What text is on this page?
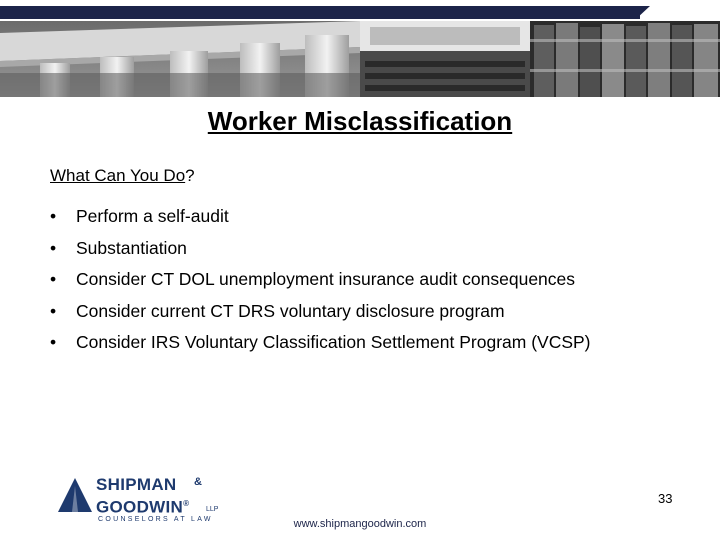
Worker Misclassification
What Can You Do?
• Perform a self-audit
• Substantiation
• Consider CT DOL unemployment insurance audit consequences
• Consider current CT DRS voluntary disclosure program
• Consider IRS Voluntary Classification Settlement Program (VCSP)
SHIPMAN &
GOODWIN®
LLP
COUNSELORS AT LAW
33
www.shipmangoodwin.com
